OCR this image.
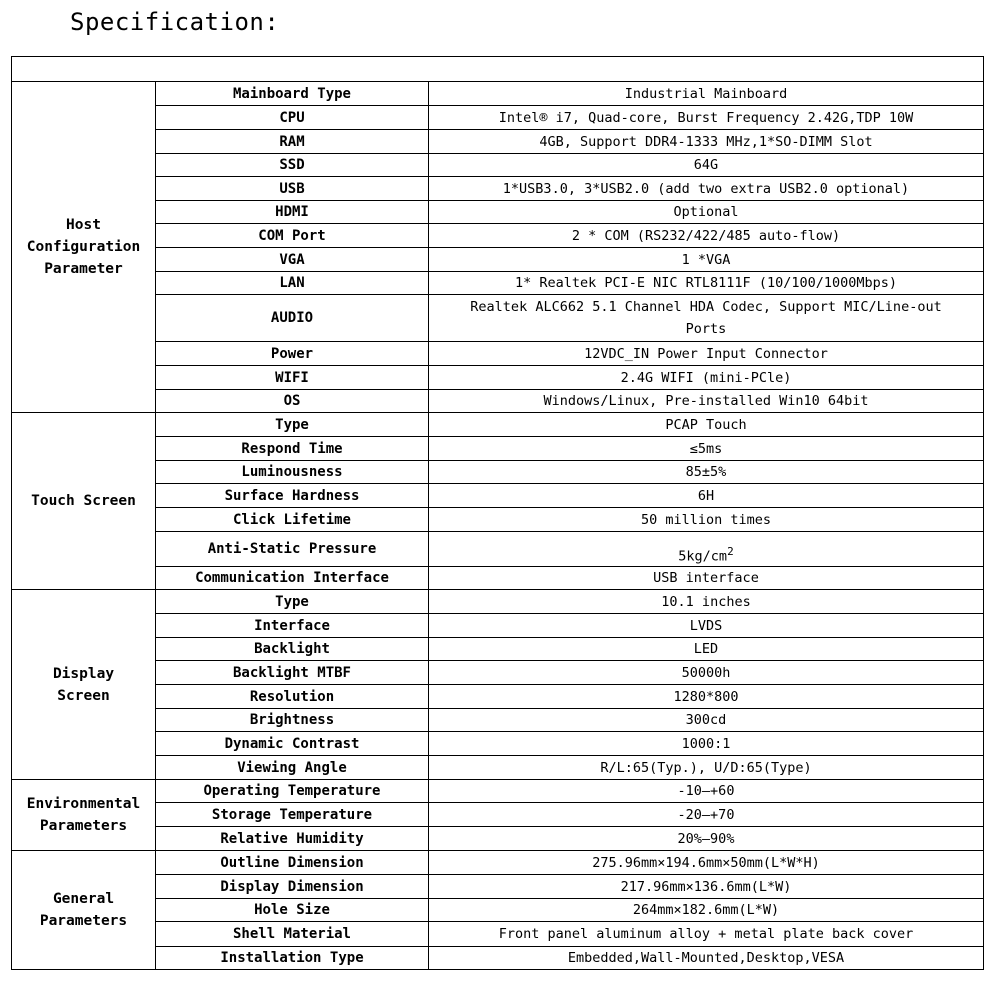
Specification:

Host Configuration Parameter	Mainboard Type	Industrial Mainboard
	CPU	Intel® i7, Quad-core, Burst Frequency 2.42G,TDP 10W
	RAM	4GB, Support DDR4-1333 MHz,1*SO-DIMM Slot
	SSD	64G
	USB	1*USB3.0, 3*USB2.0 (add two extra USB2.0 optional)
	HDMI	Optional
	COM Port	2 * COM (RS232/422/485 auto-flow)
	VGA	1 *VGA
	LAN	1* Realtek PCI-E NIC RTL8111F (10/100/1000Mbps)
	AUDIO	Realtek ALC662 5.1 Channel HDA Codec, Support MIC/Line-out Ports
	Power	12VDC_IN Power Input Connector
	WIFI	2.4G WIFI (mini-PCle)
	OS	Windows/Linux, Pre-installed Win10 64bit
Touch Screen	Type	PCAP Touch
	Respond Time	≤5ms
	Luminousness	85±5%
	Surface Hardness	6H
	Click Lifetime	50 million times
	Anti-Static Pressure	$5kg/cm^2$
	Communication Interface	USB interface
Display Screen	Type	10.1 inches
	Interface	LVDS
	Backlight	LED
	Backlight MTBF	50000h
	Resolution	1280*800
	Brightness	300cd
	Dynamic Contrast	1000:1
	Viewing Angle	R/L:65(Typ.), U/D:65(Type)
Environmental Parameters	Operating Temperature	-10—+60
	Storage Temperature	-20—+70
	Relative Humidity	20%—90%
General Parameters	Outline Dimension	275.96mm×194.6mm×50mm(L*W*H)
	Display Dimension	217.96mm×136.6mm(L*W)
	Hole Size	264mm×182.6mm(L*W)
	Shell Material	Front panel aluminum alloy + metal plate back cover
	Installation Type	Embedded,Wall-Mounted,Desktop,VESA
